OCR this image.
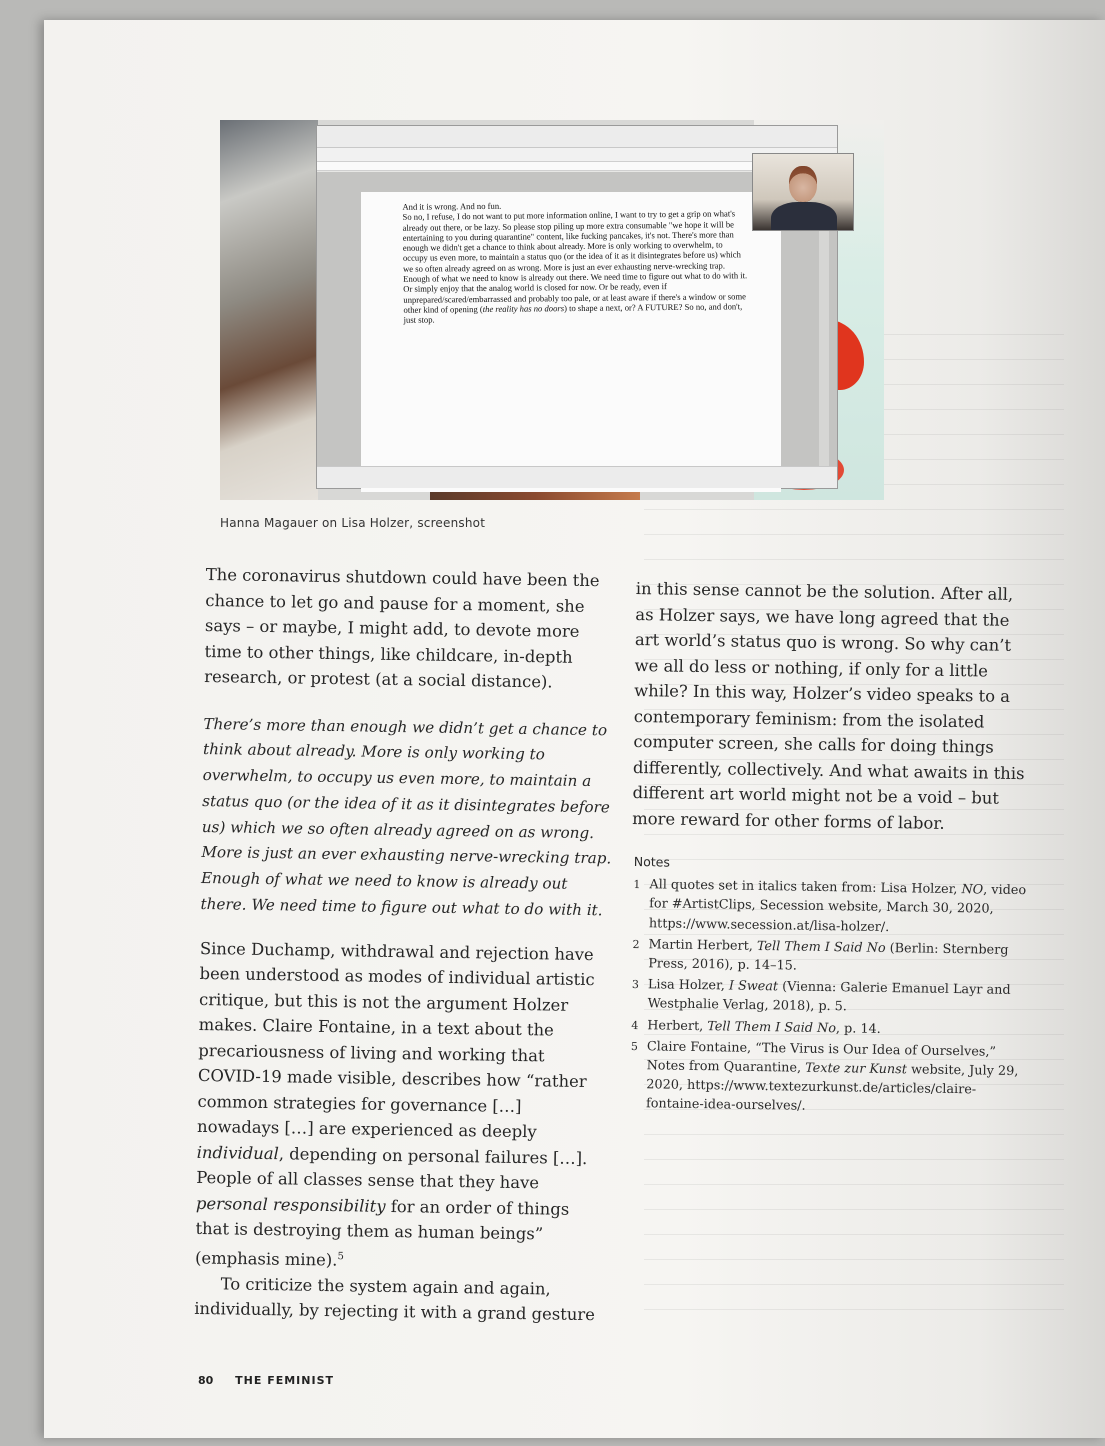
And it is wrong. And no fun.
So no, I refuse, I do not want to put more information online, I want to try to get a grip on what's already out there, or be lazy. So please stop piling up more extra consumable "we hope it will be entertaining to you during quarantine" content, like fucking pancakes, it's not. There's more than enough we didn't get a chance to think about already. More is only working to overwhelm, to occupy us even more, to maintain a status quo (or the idea of it as it disintegrates before us) which we so often already agreed on as wrong. More is just an ever exhausting nerve-wrecking trap. Enough of what we need to know is already out there. We need time to figure out what to do with it. Or simply enjoy that the analog world is closed for now. Or be ready, even if unprepared/scared/embarrassed and probably too pale, or at least aware if there's a window or some other kind of opening (the reality has no doors) to shape a next, or? A FUTURE? So no, and don't, just stop.
Hanna Magauer on Lisa Holzer, screenshot

The coronavirus shutdown could have been the chance to let go and pause for a moment, she says – or maybe, I might add, to devote more time to other things, like childcare, in-depth research, or protest (at a social distance).

There’s more than enough we didn’t get a chance to think about already. More is only working to overwhelm, to occupy us even more, to maintain a status quo (or the idea of it as it disintegrates before us) which we so often already agreed on as wrong. More is just an ever exhausting nerve-wrecking trap. Enough of what we need to know is already out there. We need time to figure out what to do with it.

Since Duchamp, withdrawal and rejection have been understood as modes of individual artistic critique, but this is not the argument Holzer makes. Claire Fontaine, in a text about the precariousness of living and working that COVID-19 made visible, describes how “rather common strategies for governance […] nowadays […] are experienced as deeply individual, depending on personal failures […]. People of all classes sense that they have personal responsibility for an order of things that is destroying them as human beings” (emphasis mine).$^5$

To criticize the system again and again, individually, by rejecting it with a grand gesture

in this sense cannot be the solution. After all, as Holzer says, we have long agreed that the art world’s status quo is wrong. So why can’t we all do less or nothing, if only for a little while? In this way, Holzer’s video speaks to a contemporary feminism: from the isolated computer screen, she calls for doing things differently, collectively. And what awaits in this different art world might not be a void – but more reward for other forms of labor.

Notes
1 All quotes set in italics taken from: Lisa Holzer, NO, video for #ArtistClips, Secession website, March 30, 2020, https://www.secession.at/lisa-holzer/.
2 Martin Herbert, Tell Them I Said No (Berlin: Sternberg Press, 2016), p. 14–15.
3 Lisa Holzer, I Sweat (Vienna: Galerie Emanuel Layr and Westphalie Verlag, 2018), p. 5.
4 Herbert, Tell Them I Said No, p. 14.
5 Claire Fontaine, “The Virus is Our Idea of Ourselves,” Notes from Quarantine, Texte zur Kunst website, July 29, 2020, https://www.textezurkunst.de/articles/claire-fontaine-idea-ourselves/.
80 THE FEMINIST
